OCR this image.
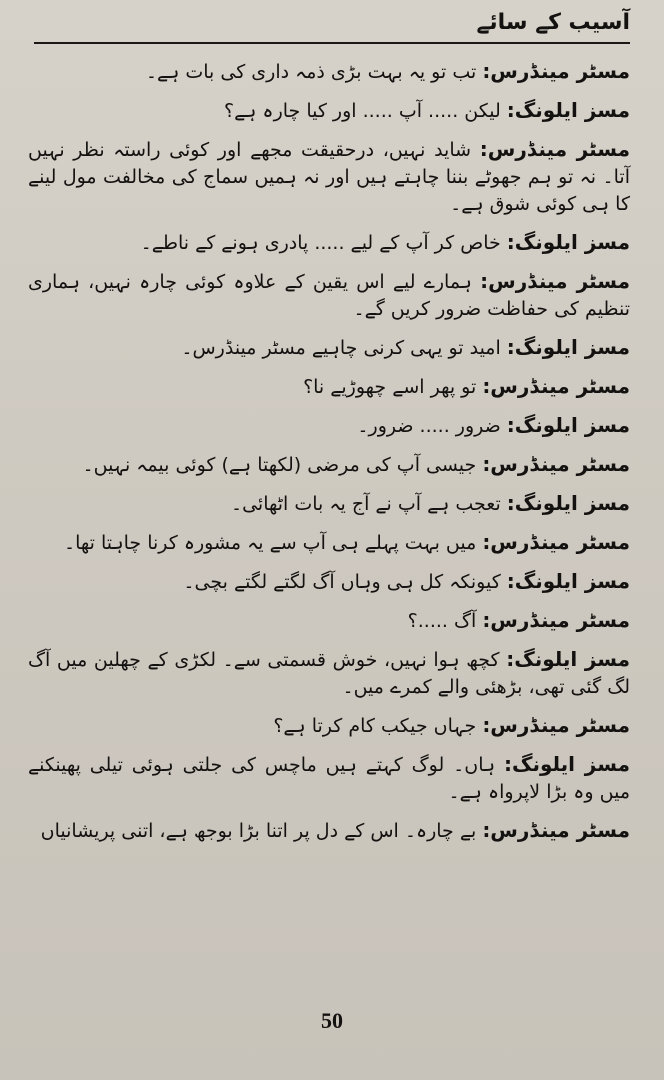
آسیب کے سائے

مسٹر مینڈرس: تب تو یہ بہت بڑی ذمہ داری کی بات ہے۔

مسز ایلونگ: لیکن ..... آپ ..... اور کیا چارہ ہے؟

مسٹر مینڈرس: شاید نہیں، درحقیقت مجھے اور کوئی راستہ نظر نہیں آتا۔ نہ تو ہم جھوٹے بننا چاہتے ہیں اور نہ ہمیں سماج کی مخالفت مول لینے کا ہی کوئی شوق ہے۔

مسز ایلونگ: خاص کر آپ کے لیے ..... پادری ہونے کے ناطے۔

مسٹر مینڈرس: ہمارے لیے اس یقین کے علاوہ کوئی چارہ نہیں، ہماری تنظیم کی حفاظت ضرور کریں گے۔

مسز ایلونگ: امید تو یہی کرنی چاہیے مسٹر مینڈرس۔

مسٹر مینڈرس: تو پھر اسے چھوڑیے نا؟

مسز ایلونگ: ضرور ..... ضرور۔

مسٹر مینڈرس: جیسی آپ کی مرضی (لکھتا ہے) کوئی بیمہ نہیں۔

مسز ایلونگ: تعجب ہے آپ نے آج یہ بات اٹھائی۔

مسٹر مینڈرس: میں بہت پہلے ہی آپ سے یہ مشورہ کرنا چاہتا تھا۔

مسز ایلونگ: کیونکہ کل ہی وہاں آگ لگتے لگتے بچی۔

مسٹر مینڈرس: آگ .....؟

مسز ایلونگ: کچھ ہوا نہیں، خوش قسمتی سے۔ لکڑی کے چھلین میں آگ لگ گئی تھی، بڑھئی والے کمرے میں۔

مسٹر مینڈرس: جہاں جیکب کام کرتا ہے؟

مسز ایلونگ: ہاں۔ لوگ کہتے ہیں ماچس کی جلتی ہوئی تیلی پھینکنے میں وہ بڑا لاپرواہ ہے۔

مسٹر مینڈرس: بے چارہ۔ اس کے دل پر اتنا بڑا بوجھ ہے، اتنی پریشانیاں

50
